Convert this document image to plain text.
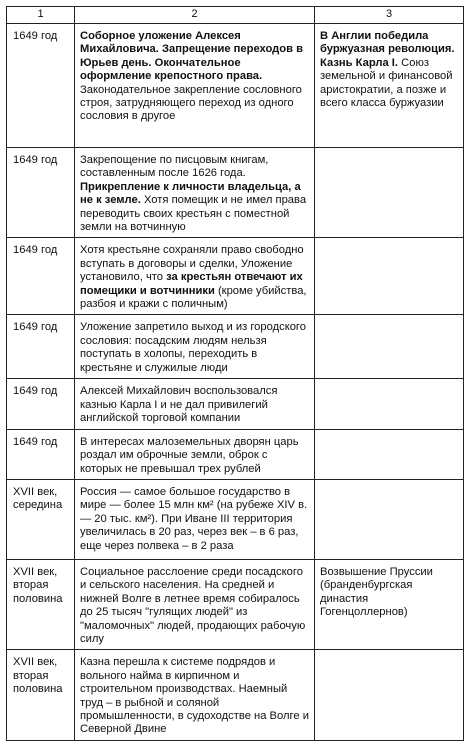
1	2	3
1649 год	Соборное уложение Алексея Михайловича. Запрещение переходов в Юрьев день. Окончательное оформление крепостного права. Законодательное закрепление сословного строя, затрудняющего переход из одного сословия в другое	В Англии победила буржуазная революция. Казнь Карла I. Союз земельной и финансовой аристократии, а позже и всего класса буржуазии
1649 год	Закрепощение по писцовым книгам, составленным после 1626 года. Прикрепление к личности владельца, а не к земле. Хотя помещик и не имел права переводить своих крестьян с поместной земли на вотчинную	
1649 год	Хотя крестьяне сохраняли право свободно вступать в договоры и сделки, Уложение установило, что за крестьян отвечают их помещики и вотчинники (кроме убийства, разбоя и кражи с поличным)	
1649 год	Уложение запретило выход и из городского сословия: посадским людям нельзя поступать в холопы, переходить в крестьяне и служилые люди	
1649 год	Алексей Михайлович воспользовался казнью Карла I и не дал привилегий английской торговой компании	
1649 год	В интересах малоземельных дворян царь роздал им оброчные земли, оброк с которых не превышал трех рублей	
XVII век, середина	Россия — самое большое государство в мире — более 15 млн км² (на рубеже XIV в. — 20 тыс. км²). При Иване III территория увеличилась в 20 раз, через век – в 6 раз, еще через полвека – в 2 раза	
XVII век, вторая половина	Социальное расслоение среди посадского и сельского населения. На средней и нижней Волге в летнее время собиралось до 25 тысяч "гулящих людей" из "маломочных" людей, продающих рабочую силу	Возвышение Пруссии (бранденбургская династия Гогенцоллернов)
XVII век, вторая половина	Казна перешла к системе подрядов и вольного найма в кирпичном и строительном производствах. Наемный труд – в рыбной и соляной промышленности, в судоходстве на Волге и Северной Двине	
